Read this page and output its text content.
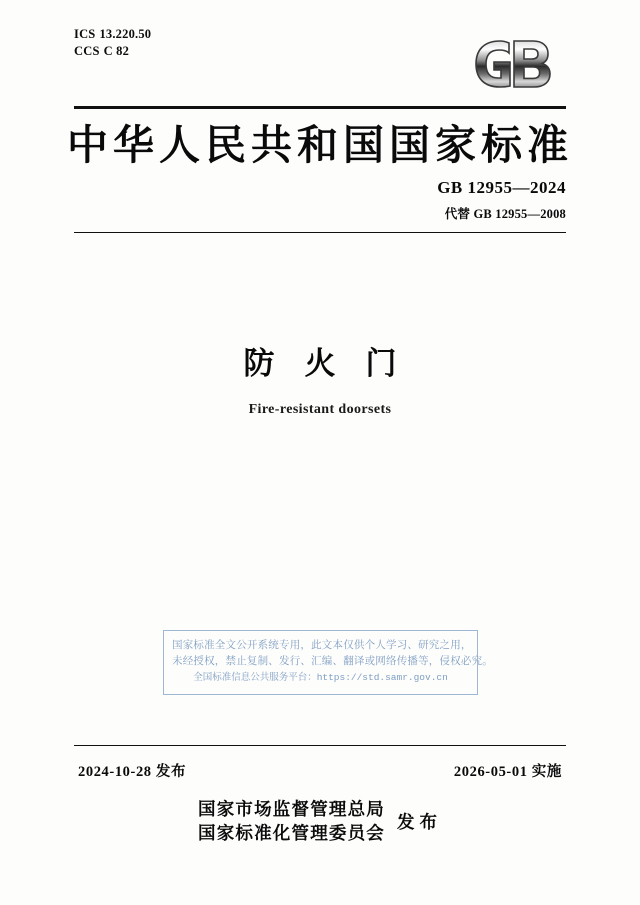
ICS 13.220.50
CCS C 82
中华人民共和国国家标准
GB 12955—2024
代替 GB 12955—2008
防火门
Fire-resistant doorsets
国家标准全文公开系统专用，此文本仅供个人学习、研究之用，
未经授权，禁止复制、发行、汇编、翻译或网络传播等，侵权必究。
全国标准信息公共服务平台：https://std.samr.gov.cn
2024-10-28 发布	2026-05-01 实施
国家市场监督管理总局
国家标准化管理委员会
发布
